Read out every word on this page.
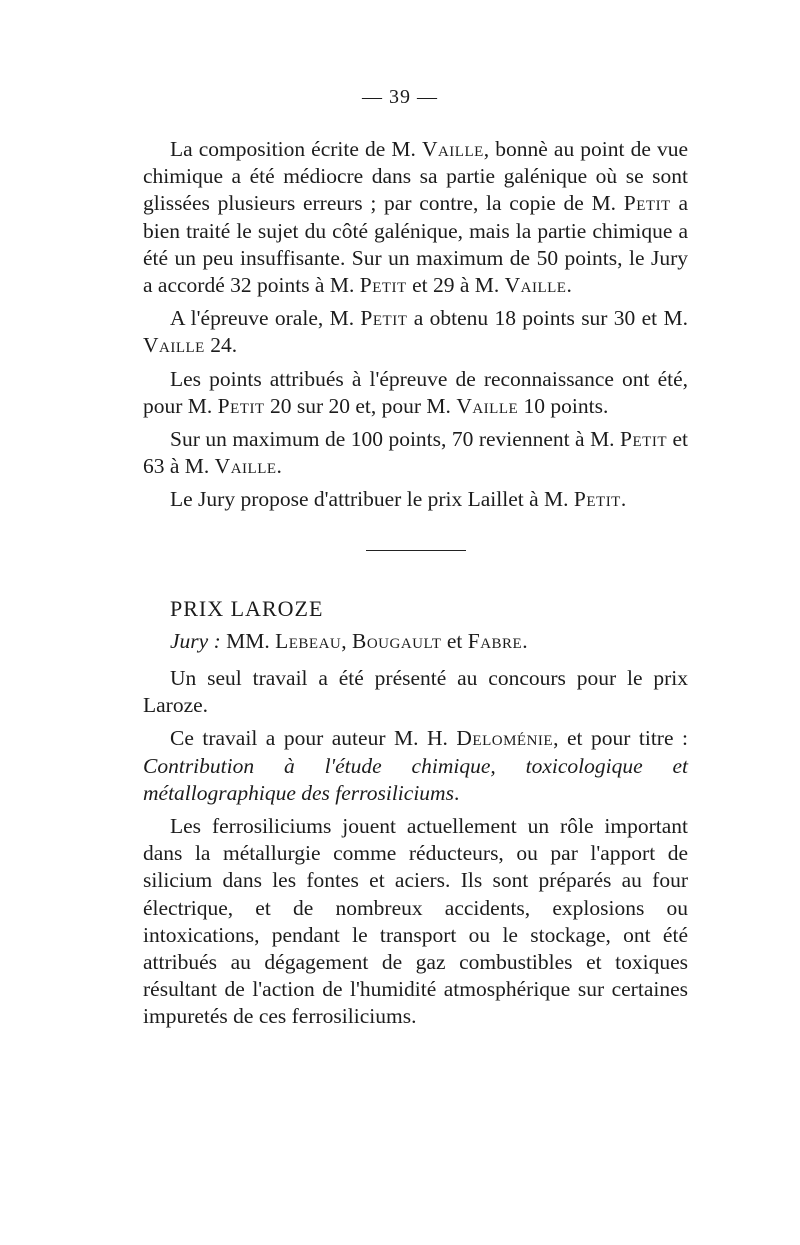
— 39 —

La composition écrite de M. Vaille, bonnè au point de vue chimique a été médiocre dans sa partie galénique où se sont glissées plusieurs erreurs ; par contre, la copie de M. Petit a bien traité le sujet du côté galénique, mais la partie chimique a été un peu insuffisante. Sur un maximum de 50 points, le Jury a accordé 32 points à M. Petit et 29 à M. Vaille.

A l'épreuve orale, M. Petit a obtenu 18 points sur 30 et M. Vaille 24.

Les points attribués à l'épreuve de reconnaissance ont été, pour M. Petit 20 sur 20 et, pour M. Vaille 10 points.

Sur un maximum de 100 points, 70 reviennent à M. Petit et 63 à M. Vaille.

Le Jury propose d'attribuer le prix Laillet à M. Petit.

PRIX LAROZE

Jury : MM. Lebeau, Bougault et Fabre.

Un seul travail a été présenté au concours pour le prix Laroze.

Ce travail a pour auteur M. H. Deloménie, et pour titre : Contribution à l'étude chimique, toxicologique et métallographique des ferrosiliciums.

Les ferrosiliciums jouent actuellement un rôle important dans la métallurgie comme réducteurs, ou par l'apport de silicium dans les fontes et aciers. Ils sont préparés au four électrique, et de nombreux accidents, explosions ou intoxications, pendant le transport ou le stockage, ont été attribués au dégagement de gaz combustibles et toxiques résultant de l'action de l'humidité atmosphérique sur certaines impuretés de ces ferrosiliciums.
